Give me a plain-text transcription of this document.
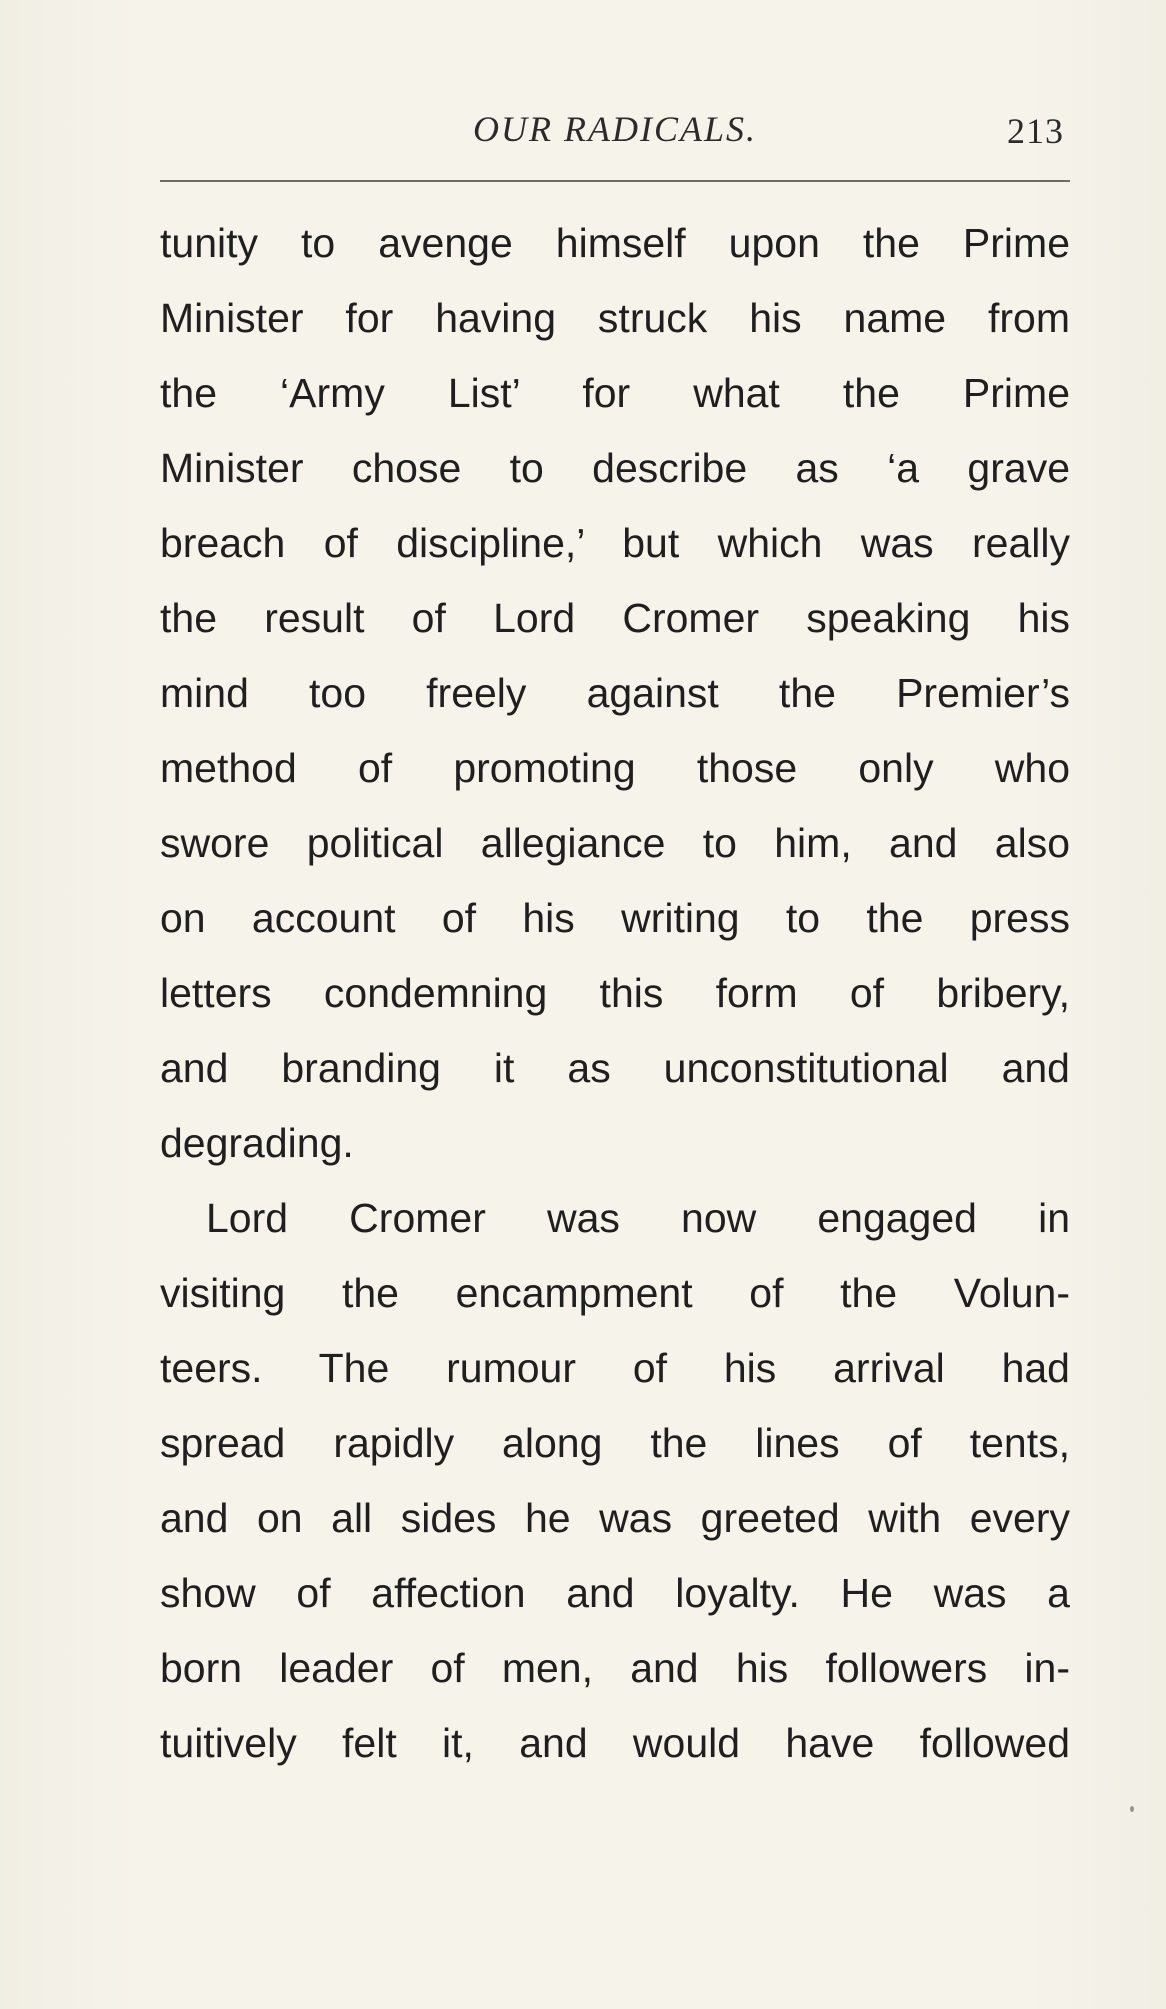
OUR RADICALS.	213
tunity to avenge himself upon the Prime
Minister for having struck his name from
the ‘Army List’ for what the Prime
Minister chose to describe as ‘a grave
breach of discipline,’ but which was really
the result of Lord Cromer speaking his
mind too freely against the Premier’s
method of promoting those only who
swore political allegiance to him, and also
on account of his writing to the press
letters condemning this form of bribery,
and branding it as unconstitutional and
degrading.
Lord Cromer was now engaged in
visiting the encampment of the Volun-
teers. The rumour of his arrival had
spread rapidly along the lines of tents,
and on all sides he was greeted with every
show of affection and loyalty. He was a
born leader of men, and his followers in-
tuitively felt it, and would have followed
